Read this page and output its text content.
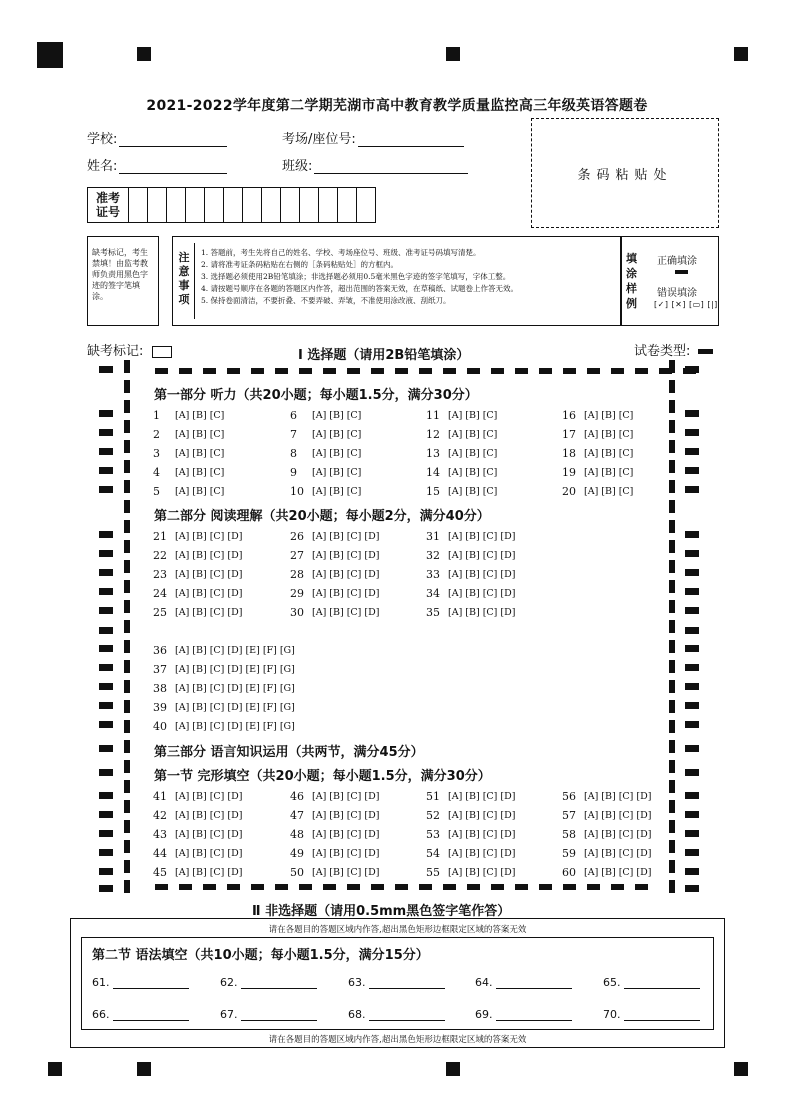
2021-2022学年度第二学期芜湖市高中教育教学质量监控高三年级英语答题卷
学校:	考场/座位号:
姓名:	班级:
条码粘贴处
准考
证号
缺考标记，考生禁填！由监考教师负责用黑色字迹的签字笔填涂。
注
意
事
项
1. 答题前，考生先将自己的姓名、学校、考场座位号、班级、准考证号码填写清楚。
2. 请将准考证条码粘贴在右侧的［条码粘贴处］的方框内。
3. 选择题必须使用2B铅笔填涂；非选择题必须用0.5毫米黑色字迹的签字笔填写，字体工整。
4. 请按题号顺序在各题的答题区内作答，超出范围的答案无效，在草稿纸、试题卷上作答无效。
5. 保持卷面清洁，不要折叠、不要弄破、弄皱，不准使用涂改液、刮纸刀。
填
涂
样
例
正确填涂
错误填涂
[✓] [✕] [▭] [|]
缺考标记:	试卷类型:
Ⅰ 选择题（请用2B铅笔填涂）
第一部分 听力（共20小题；每小题1.5分，满分30分）
第二部分 阅读理解（共20小题；每小题2分，满分40分）
第三部分 语言知识运用（共两节，满分45分）
第一节 完形填空（共20小题；每小题1.5分，满分30分）
1 [A] [B] [C]
2 [A] [B] [C]
3 [A] [B] [C]
4 [A] [B] [C]
5 [A] [B] [C]
6 [A] [B] [C]
7 [A] [B] [C]
8 [A] [B] [C]
9 [A] [B] [C]
10 [A] [B] [C]
11 [A] [B] [C]
12 [A] [B] [C]
13 [A] [B] [C]
14 [A] [B] [C]
15 [A] [B] [C]
16 [A] [B] [C]
17 [A] [B] [C]
18 [A] [B] [C]
19 [A] [B] [C]
20 [A] [B] [C]
21 [A] [B] [C] [D]
22 [A] [B] [C] [D]
23 [A] [B] [C] [D]
24 [A] [B] [C] [D]
25 [A] [B] [C] [D]
26 [A] [B] [C] [D]
27 [A] [B] [C] [D]
28 [A] [B] [C] [D]
29 [A] [B] [C] [D]
30 [A] [B] [C] [D]
31 [A] [B] [C] [D]
32 [A] [B] [C] [D]
33 [A] [B] [C] [D]
34 [A] [B] [C] [D]
35 [A] [B] [C] [D]
36 [A] [B] [C] [D] [E] [F] [G]
37 [A] [B] [C] [D] [E] [F] [G]
38 [A] [B] [C] [D] [E] [F] [G]
39 [A] [B] [C] [D] [E] [F] [G]
40 [A] [B] [C] [D] [E] [F] [G]
41 [A] [B] [C] [D]
42 [A] [B] [C] [D]
43 [A] [B] [C] [D]
44 [A] [B] [C] [D]
45 [A] [B] [C] [D]
46 [A] [B] [C] [D]
47 [A] [B] [C] [D]
48 [A] [B] [C] [D]
49 [A] [B] [C] [D]
50 [A] [B] [C] [D]
51 [A] [B] [C] [D]
52 [A] [B] [C] [D]
53 [A] [B] [C] [D]
54 [A] [B] [C] [D]
55 [A] [B] [C] [D]
56 [A] [B] [C] [D]
57 [A] [B] [C] [D]
58 [A] [B] [C] [D]
59 [A] [B] [C] [D]
60 [A] [B] [C] [D]
Ⅱ 非选择题（请用0.5mm黑色签字笔作答）
请在各题目的答题区域内作答,超出黑色矩形边框限定区域的答案无效
第二节 语法填空（共10小题；每小题1.5分，满分15分）
61.	62.	63.	64.	65.
66.	67.	68.	69.	70.
请在各题目的答题区域内作答,超出黑色矩形边框限定区域的答案无效
